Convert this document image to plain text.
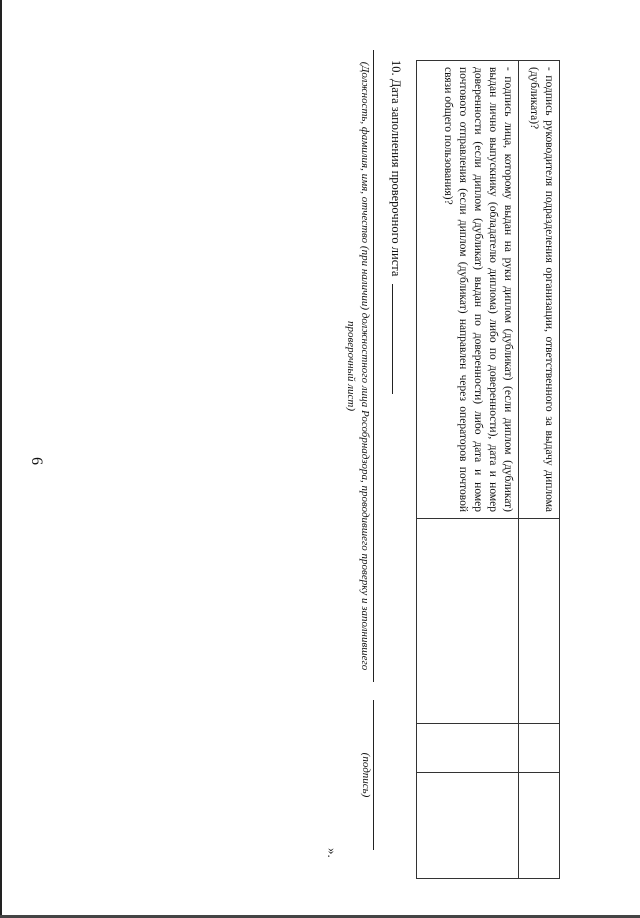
6	- подпись руководителя подразделения организации, ответственного за выдачу диплома (дубликата)?			
- подпись лица, которому выдан на руки диплом (дубликат) (если диплом (дубликат) выдан лично выпускнику (обладателю диплома) либо по доверенности), дата и номер доверенности (если диплом (дубликат) выдан по доверенности) либо дата и номер почтового отправления (если диплом (дубликат) направлен через операторов почтовой связи общего пользования)?			
10. Дата заполнения проверочного листа
(Должность, фамилия, имя, отчество (при наличии) должностного лица Рособрнадзора, проводившего проверку и заполнившего проверочный лист)
(подпись)
».
